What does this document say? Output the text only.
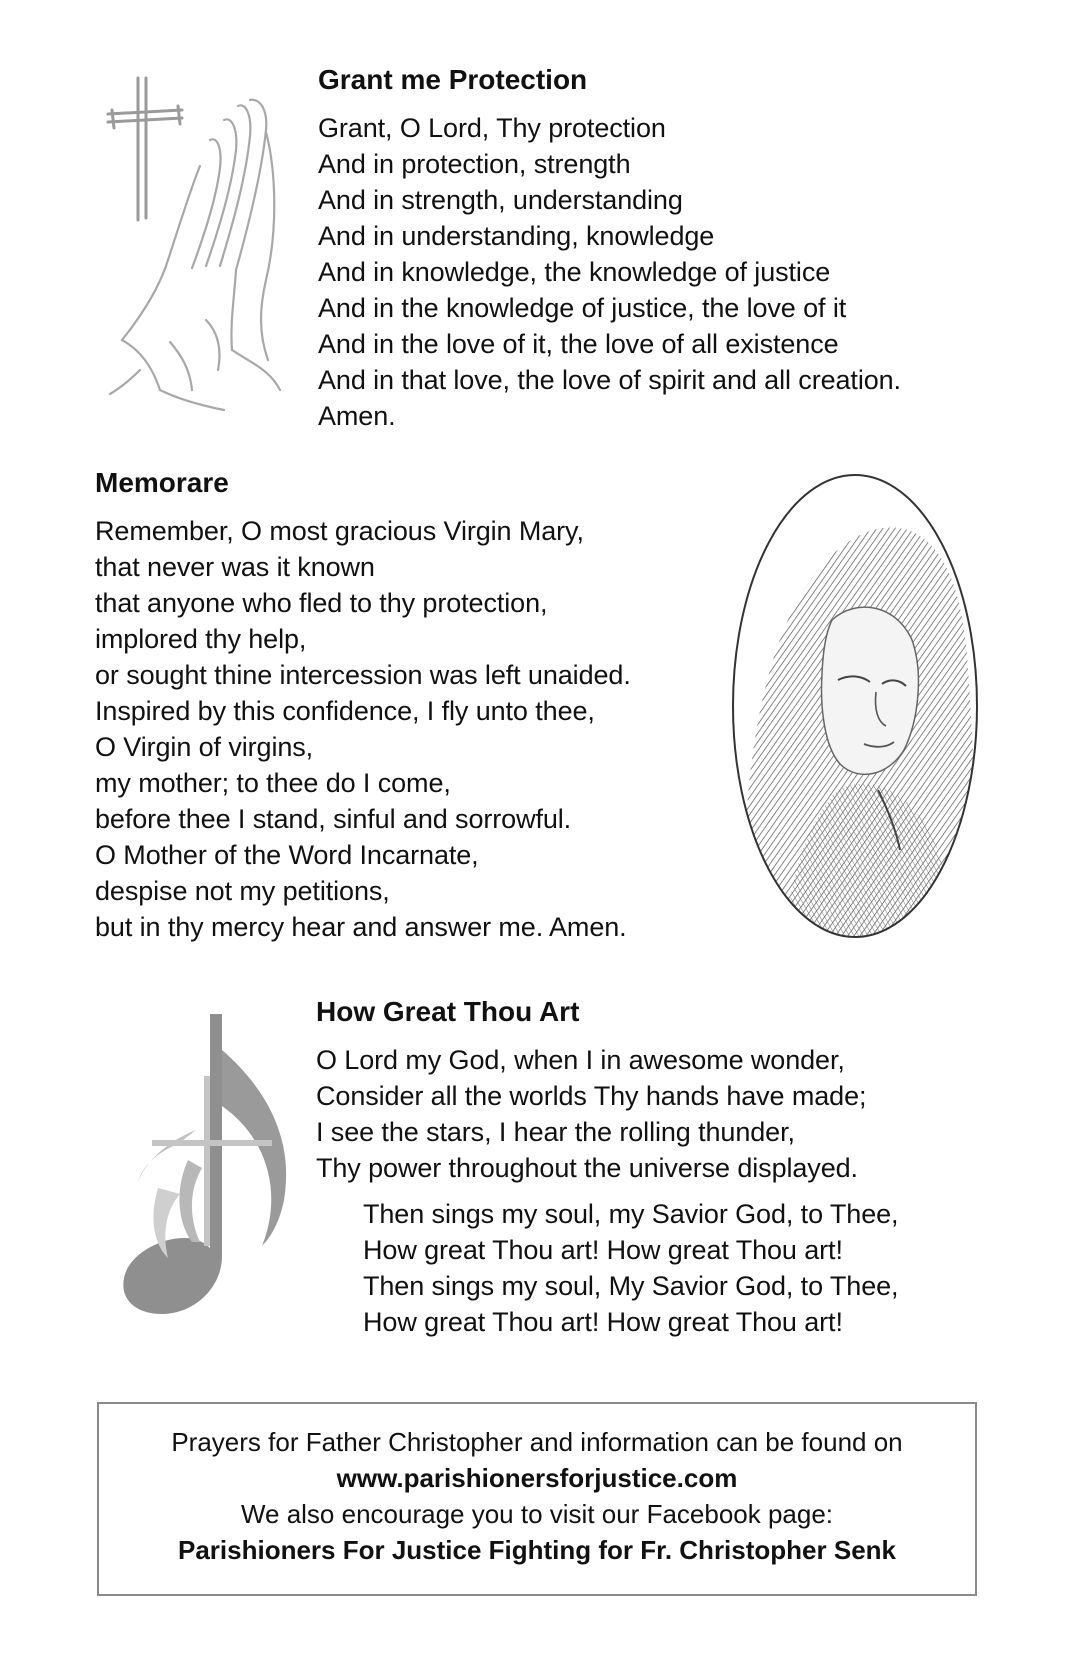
Grant me Protection
Grant, O Lord, Thy protection
And in protection, strength
And in strength, understanding
And in understanding, knowledge
And in knowledge, the knowledge of justice
And in the knowledge of justice, the love of it
And in the love of it, the love of all existence
And in that love, the love of spirit and all creation.
Amen.
Memorare
Remember, O most gracious Virgin Mary,
that never was it known
that anyone who fled to thy protection,
implored thy help,
or sought thine intercession was left unaided.
Inspired by this confidence, I fly unto thee,
O Virgin of virgins,
my mother; to thee do I come,
before thee I stand, sinful and sorrowful.
O Mother of the Word Incarnate,
despise not my petitions,
but in thy mercy hear and answer me. Amen.
How Great Thou Art
O Lord my God, when I in awesome wonder,
Consider all the worlds Thy hands have made;
I see the stars, I hear the rolling thunder,
Thy power throughout the universe displayed.
Then sings my soul, my Savior God, to Thee,
How great Thou art! How great Thou art!
Then sings my soul, My Savior God, to Thee,
How great Thou art! How great Thou art!

Prayers for Father Christopher and information can be found on

www.parishionersforjustice.com

We also encourage you to visit our Facebook page:

Parishioners For Justice Fighting for Fr. Christopher Senk
